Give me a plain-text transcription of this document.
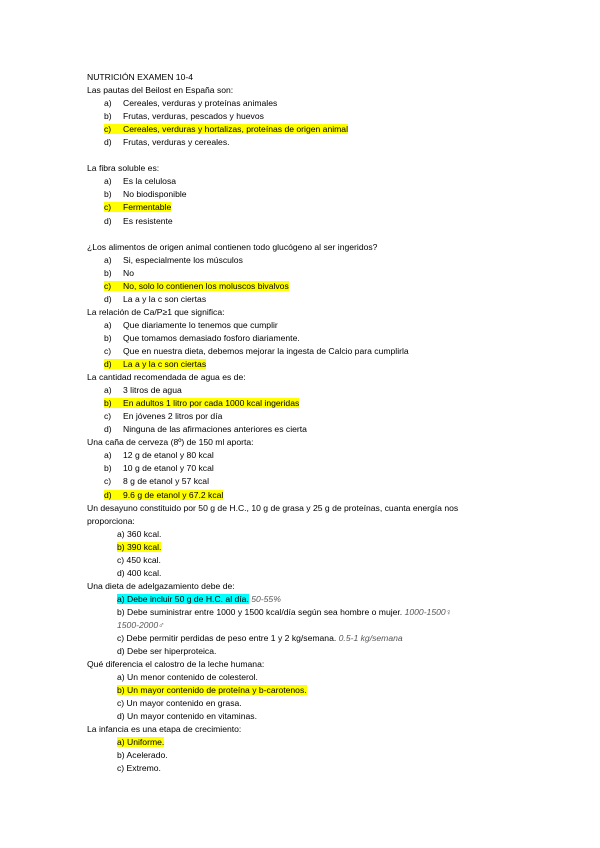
NUTRICIÓN EXAMEN 10-4
Las pautas del Beilost en España son:
a) Cereales, verduras y proteínas animales
b) Frutas, verduras, pescados y huevos
c) Cereales, verduras y hortalizas, proteínas de origen animal
d) Frutas, verduras y cereales.
La fibra soluble es:
a) Es la celulosa
b) No biodisponible
c) Fermentable
d) Es resistente
¿Los alimentos de origen animal contienen todo glucógeno al ser ingeridos?
a) Si, especialmente los músculos
b) No
c) No, solo lo contienen los moluscos bivalvos
d) La a y la c son ciertas
La relación de Ca/P≥1 que significa:
a) Que diariamente lo tenemos que cumplir
b) Que tomamos demasiado fosforo diariamente.
c) Que en nuestra dieta, debemos mejorar la ingesta de Calcio para cumplirla
d) La a y la c son ciertas
La cantidad recomendada de agua es de:
a) 3 litros de agua
b) En adultos 1 litro por cada 1000 kcal ingeridas
c) En jóvenes 2 litros por día
d) Ninguna de las afirmaciones anteriores es cierta
Una caña de cerveza (8º) de 150 ml aporta:
a) 12 g de etanol y 80 kcal
b) 10 g de etanol y 70 kcal
c) 8 g de etanol y 57 kcal
d) 9.6 g de etanol y 67.2 kcal
Un desayuno constituido por 50 g de H.C., 10 g de grasa y 25 g de proteínas, cuanta energía nos proporciona:
a) 360 kcal.
b) 390 kcal.
c) 450 kcal.
d) 400 kcal.
Una dieta de adelgazamiento debe de:
a) Debe incluir 50 g de H.C. al día. 50-55%
b) Debe suministrar entre 1000 y 1500 kcal/día según sea hombre o mujer. 1000-1500♀
1500-2000♂
c) Debe permitir perdidas de peso entre 1 y 2 kg/semana. 0.5-1 kg/semana
d) Debe ser hiperproteica.
Qué diferencia el calostro de la leche humana:
a) Un menor contenido de colesterol.
b) Un mayor contenido de proteína y b-carotenos.
c) Un mayor contenido en grasa.
d) Un mayor contenido en vitaminas.
La infancia es una etapa de crecimiento:
a) Uniforme.
b) Acelerado.
c) Extremo.
